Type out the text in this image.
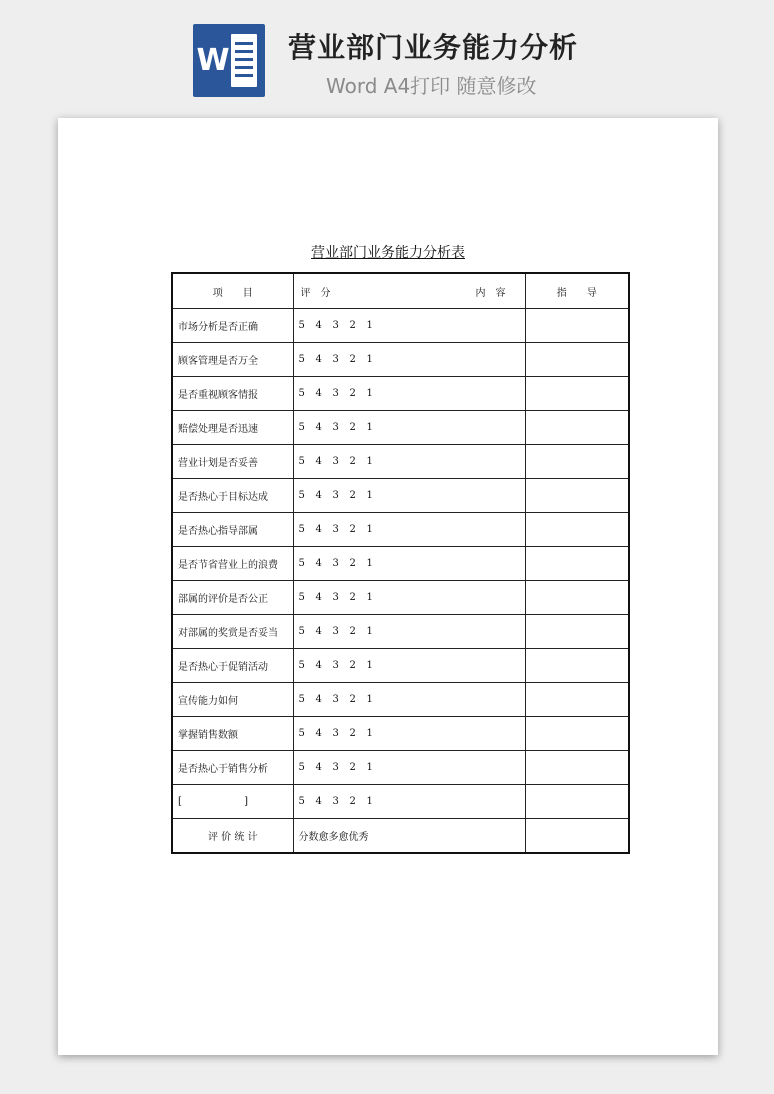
W 营业部门业务能力分析
Word A4打印 随意修改

营业部门业务能力分析表
项　　目	评　分 内　容	指　　导
市场分析是否正确	5 4 3 2 1	
顾客管理是否万全	5 4 3 2 1	
是否重视顾客情报	5 4 3 2 1	
赔偿处理是否迅速	5 4 3 2 1	
营业计划是否妥善	5 4 3 2 1	
是否热心于目标达成	5 4 3 2 1	
是否热心指导部属	5 4 3 2 1	
是否节省营业上的浪费	5 4 3 2 1	
部属的评价是否公正	5 4 3 2 1	
对部属的奖赏是否妥当	5 4 3 2 1	
是否热心于促销活动	5 4 3 2 1	
宣传能力如何	5 4 3 2 1	
掌握销售数额	5 4 3 2 1	
是否热心于销售分析	5 4 3 2 1	

[ ]	5 4 3 2 1	
评 价 统 计	分数愈多愈优秀	
